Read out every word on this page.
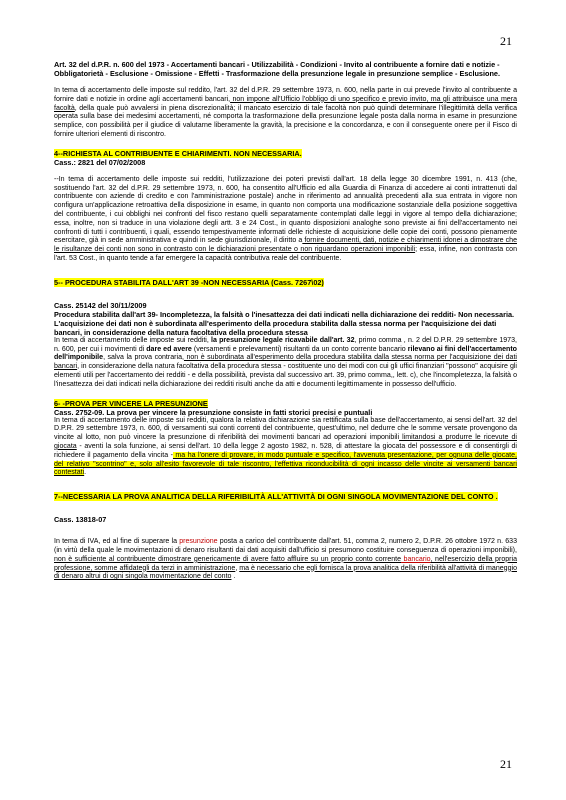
21

Art. 32 del d.P.R. n. 600 del 1973 - Accertamenti bancari - Utilizzabilità - Condizioni - Invito al contribuente a fornire dati e notizie - Obbligatorietà - Esclusione - Omissione - Effetti - Trasformazione della presunzione legale in presunzione semplice - Esclusione.

In tema di accertamento delle imposte sul reddito, l'art. 32 del d.P.R. 29 settembre 1973, n. 600, nella parte in cui prevede l'invito al contribuente a fornire dati e notizie in ordine agli accertamenti bancari, non impone all'Ufficio l'obbligo di uno specifico e previo invito, ma gli attribuisce una mera facoltà, della quale può avvalersi in piena discrezionalità; il mancato esercizio di tale facoltà non può quindi determinare l'illegittimità della verifica operata sulla base dei medesimi accertamenti, né comporta la trasformazione della presunzione legale posta dalla norma in esame in presunzione semplice, con possibilità per il giudice di valutarne liberamente la gravità, la precisione e la concordanza, e con il conseguente onere per il Fisco di fornire ulteriori elementi di riscontro.

4--RICHIESTA AL CONTRIBUENTE E CHIARIMENTI. NON NECESSARIA.

Cass.: 2821 del 07/02/2008

--In tema di accertamento delle imposte sui redditi, l'utilizzazione dei poteri previsti dall'art. 18 della legge 30 dicembre 1991, n. 413 (che, sostituendo l'art. 32 del d.P.R. 29 settembre 1973, n. 600, ha consentito all'Ufficio ed alla Guardia di Finanza di accedere ai conti intrattenuti dal contribuente con aziende di credito e con l'amministrazione postale) anche in riferimento ad annualità precedenti alla sua entrata in vigore non configura un'applicazione retroattiva della disposizione in esame, in quanto non comporta una modificazione sostanziale della posizione soggettiva del contribuente, i cui obblighi nei confronti del fisco restano quelli separatamente contemplati dalle leggi in vigore al tempo della dichiarazione; essa, inoltre, non si traduce in una violazione degli artt. 3 e 24 Cost., in quanto disposizioni analoghe sono previste ai fini dell'accertamento nei confronti di tutti i contribuenti, i quali, essendo tempestivamente informati delle richieste di acquisizione delle copie dei conti, possono pienamente esercitare, già in sede amministrativa e quindi in sede giurisdizionale, il diritto a fornire documenti, dati, notizie e chiarimenti idonei a dimostrare che le risultanze dei conti non sono in contrasto con le dichiarazioni presentate o non riguardano operazioni imponibili; essa, infine, non contrasta con l'art. 53 Cost., in quanto tende a far emergere la capacità contributiva reale del contribuente.

5-- PROCEDURA STABILITA DALL'ART 39 -NON NECESSARIA (Cass. 7267\02)

Cass. 25142 del 30/11/2009

Procedura stabilita dall'art 39- Incompletezza, la falsità o l'inesattezza dei dati indicati nella dichiarazione dei redditi- Non necessaria.

L'acquisizione dei dati non è subordinata all'esperimento della procedura stabilita dalla stessa norma per l'acquisizione dei dati bancari, in considerazione della natura facoltativa della procedura stessa

In tema di accertamento delle imposte sui redditi, la presunzione legale ricavabile dall'art. 32, primo comma , n. 2 del D.P.R. 29 settembre 1973, n. 600, per cui i movimenti di dare ed avere (versamenti e prelevamenti) risultanti da un conto corrente bancario rilevano ai fini dell'accertamento dell'imponibile, salva la prova contraria, non è subordinata all'esperimento della procedura stabilita dalla stessa norma per l'acquisizione dei dati bancari, in considerazione della natura facoltativa della procedura stessa - costituente uno dei modi con cui gli uffici finanziari "possono" acquisire gli elementi utili per l'accertamento dei redditi - e della possibilità, prevista dal successivo art. 39, primo comma,, lett. c), che l'incompletezza, la falsità o l'inesattezza dei dati indicati nella dichiarazione dei redditi risulti anche da atti e documenti legittimamente in possesso dell'ufficio.

6- -PROVA PER VINCERE LA PRESUNZIONE

Cass. 2752-09. La prova per vincere la presunzione consiste in fatti storici precisi e puntuali

In tema di accertamento delle imposte sui redditi, qualora la relativa dichiarazione sia rettificata sulla base dell'accertamento, ai sensi dell'art. 32 del D.P.R. 29 settembre 1973, n. 600, di versamenti sui conti correnti del contribuente, quest'ultimo, nel dedurre che le somme versate provengono da vincite al lotto, non può vincere la presunzione di riferibilità dei movimenti bancari ad operazioni imponibili limitandosi a produrre le ricevute di giocata - aventi la sola funzione, ai sensi dell'art. 10 della legge 2 agosto 1982, n. 528, di attestare la giocata del possessore e di consentirgli di richiedere il pagamento della vincita - ma ha l'onere di provare, in modo puntuale e specifico, l'avvenuta presentazione, per ognuna delle giocate, del relativo "scontrino" e, solo all'esito favorevole di tale riscontro, l'effettiva riconducibilità di ogni incasso delle vincite ai versamenti bancari contestati.

7--NECESSARIA LA PROVA ANALITICA DELLA RIFERIBILITÀ ALL'ATTIVITÀ DI OGNI SINGOLA MOVIMENTAZIONE DEL CONTO .

Cass. 13818-07

In tema di IVA, ed al fine di superare la presunzione posta a carico del contribuente dall'art. 51, comma 2, numero 2, D.P.R. 26 ottobre 1972 n. 633 (in virtù della quale le movimentazioni di denaro risultanti dai dati acquisiti dall'ufficio si presumono costituire conseguenza di operazioni imponibili), non è sufficiente al contribuente dimostrare genericamente di avere fatto affluire su un proprio conto corrente bancario, nell'esercizio della propria professione, somme affidategli da terzi in amministrazione, ma è necessario che egli fornisca la prova analitica della riferibilità all'attività di maneggio di denaro altrui di ogni singola movimentazione del conto .

21
